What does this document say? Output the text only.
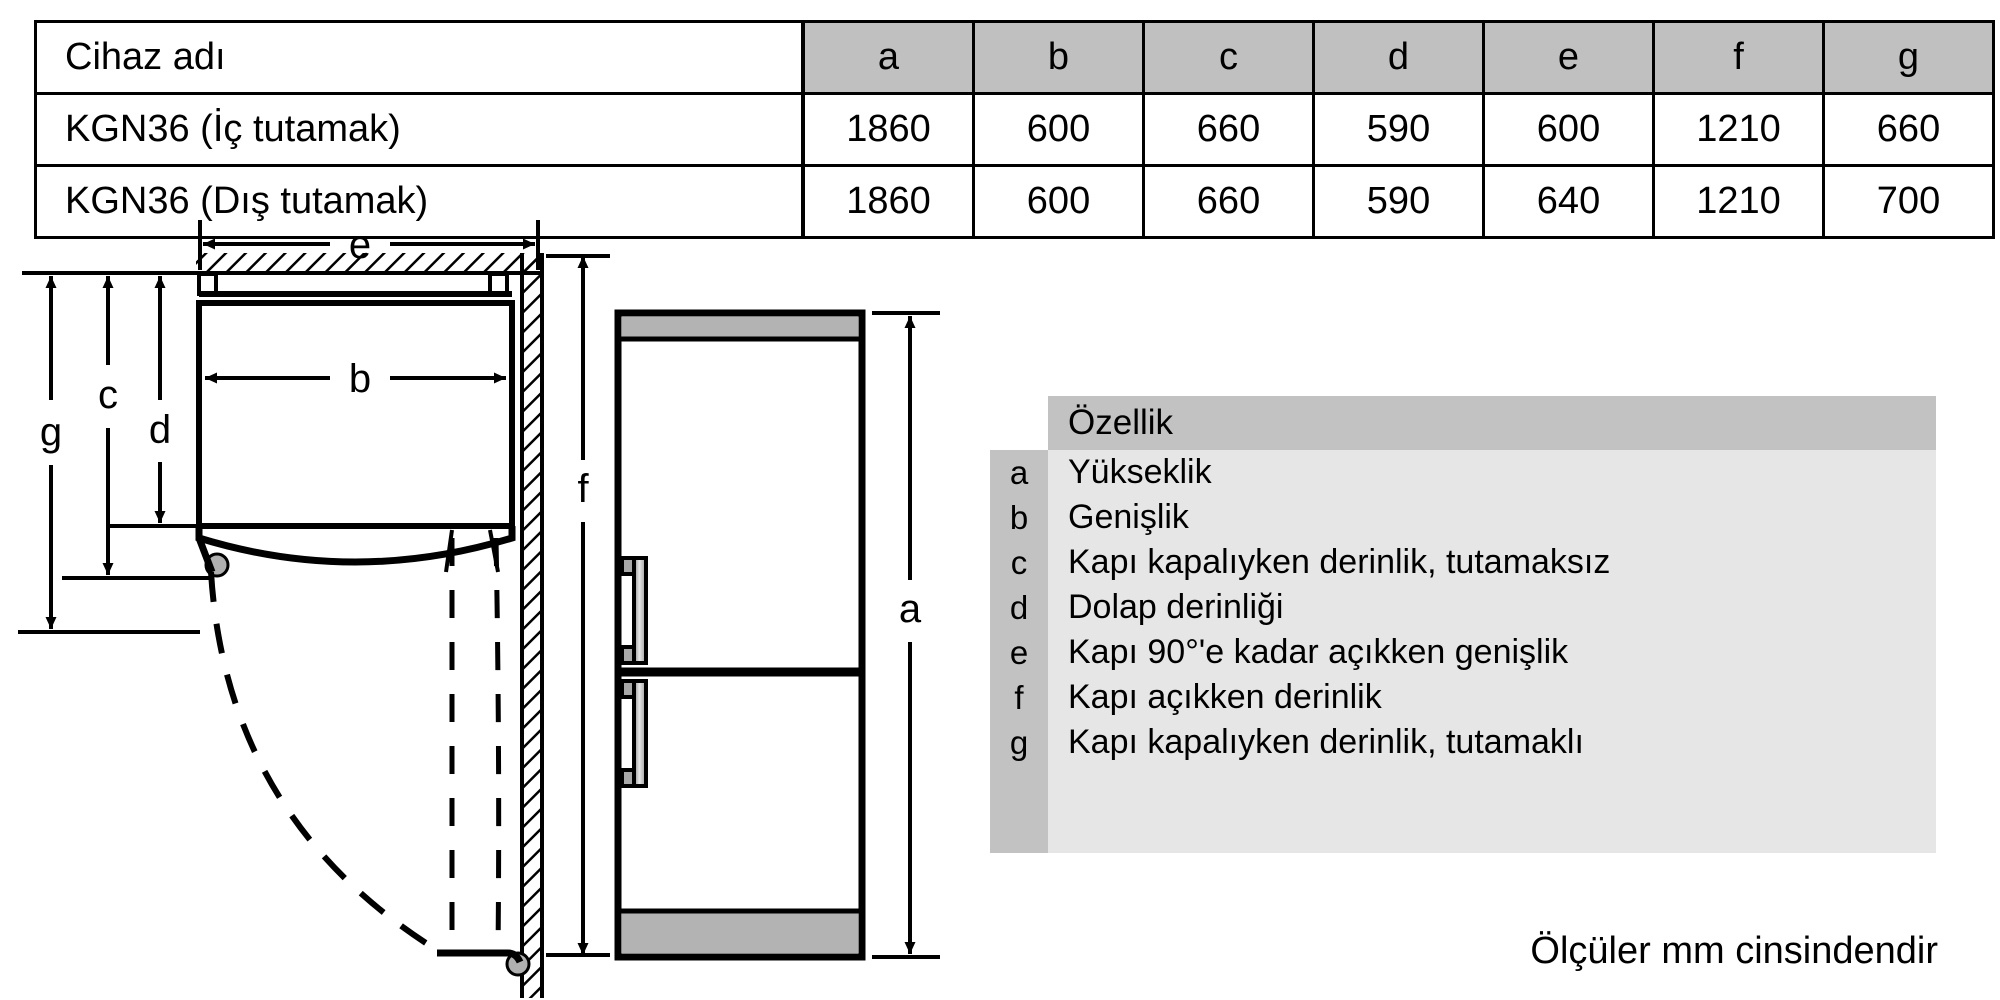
Cihaz adı	a	b	c	d	e	f	g
KGN36 (İç tutamak)	1860	600	660	590	600	1210	660
KGN36 (Dış tutamak)	1860	600	660	590	640	1210	700
e
b
g
c
d
f
a
Özellik
a	Yükseklik
b	Genişlik
c	Kapı kapalıyken derinlik, tutamaksız
d	Dolap derinliği
e	Kapı 90°'e kadar açıkken genişlik
f	Kapı açıkken derinlik
g	Kapı kapalıyken derinlik, tutamaklı
Ölçüler mm cinsindendir
